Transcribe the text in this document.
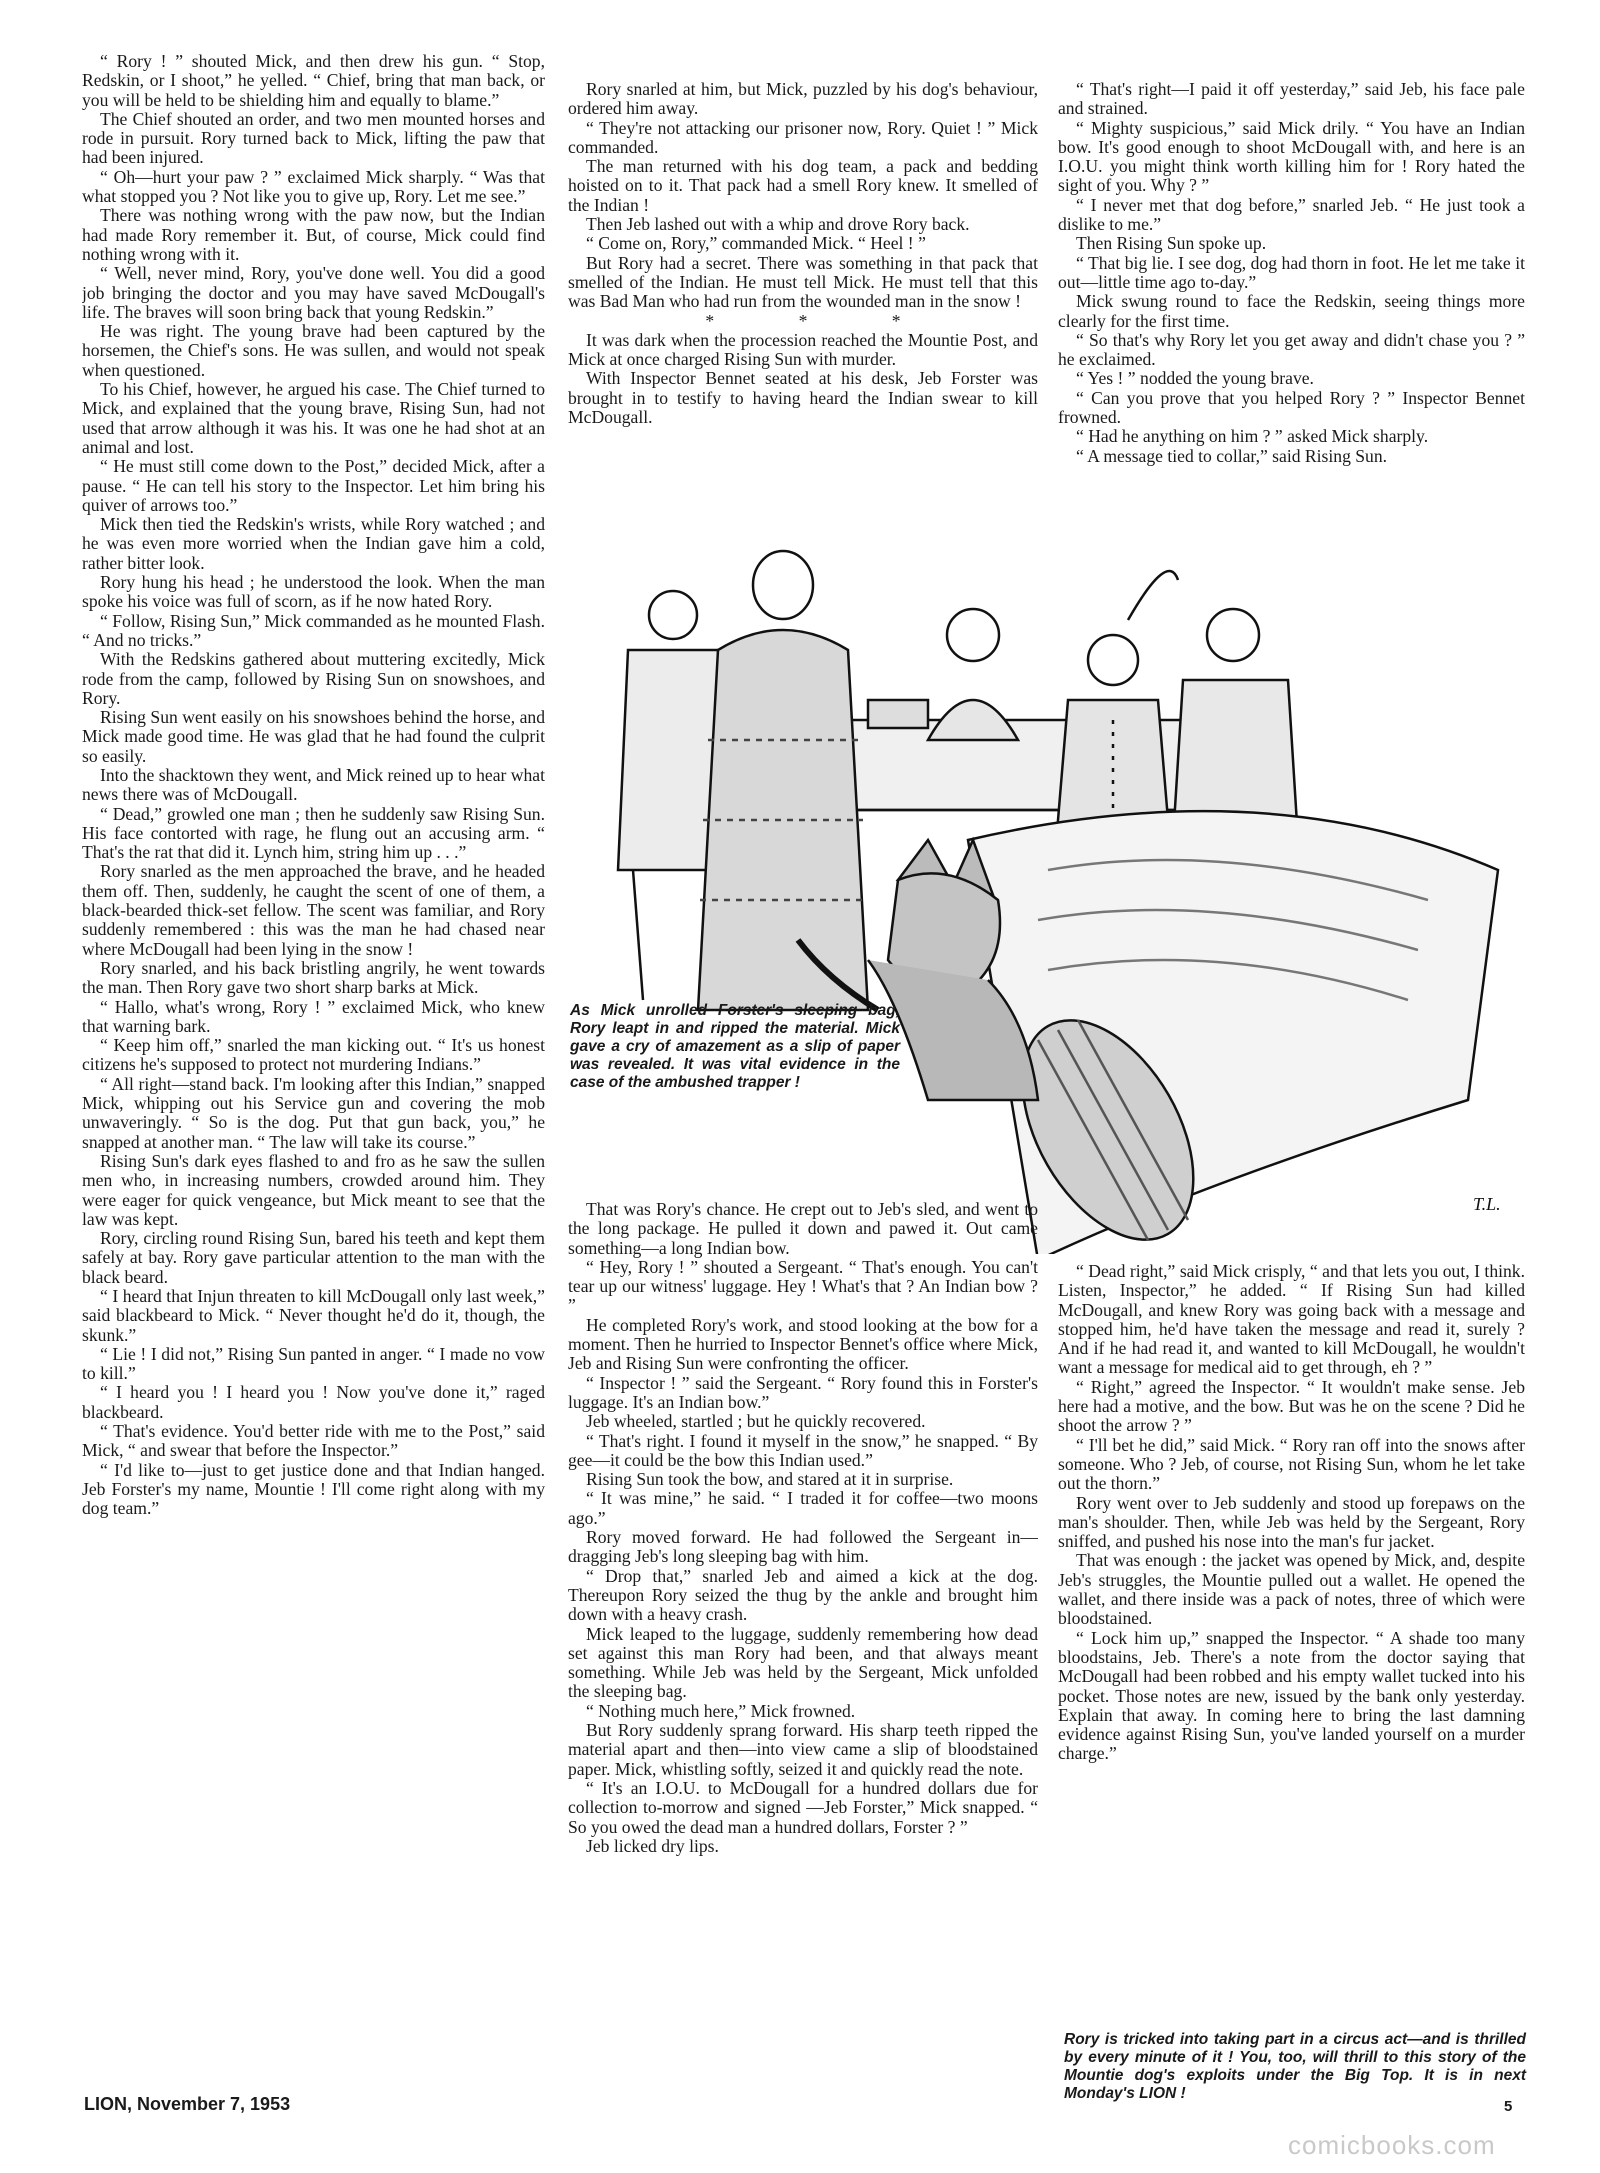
“ Rory ! ” shouted Mick, and then drew his gun. “ Stop, Redskin, or I shoot,” he yelled. “ Chief, bring that man back, or you will be held to be shielding him and equally to blame.”

The Chief shouted an order, and two men mounted horses and rode in pursuit. Rory turned back to Mick, lifting the paw that had been injured.

“ Oh—hurt your paw ? ” exclaimed Mick sharply. “ Was that what stopped you ? Not like you to give up, Rory. Let me see.”

There was nothing wrong with the paw now, but the Indian had made Rory remember it. But, of course, Mick could find nothing wrong with it.

“ Well, never mind, Rory, you've done well. You did a good job bringing the doctor and you may have saved McDougall's life. The braves will soon bring back that young Redskin.”

He was right. The young brave had been captured by the horsemen, the Chief's sons. He was sullen, and would not speak when questioned.

To his Chief, however, he argued his case. The Chief turned to Mick, and explained that the young brave, Rising Sun, had not used that arrow although it was his. It was one he had shot at an animal and lost.

“ He must still come down to the Post,” decided Mick, after a pause. “ He can tell his story to the Inspector. Let him bring his quiver of arrows too.”

Mick then tied the Redskin's wrists, while Rory watched ; and he was even more worried when the Indian gave him a cold, rather bitter look.

Rory hung his head ; he understood the look. When the man spoke his voice was full of scorn, as if he now hated Rory.

“ Follow, Rising Sun,” Mick commanded as he mounted Flash. “ And no tricks.”

With the Redskins gathered about muttering excitedly, Mick rode from the camp, followed by Rising Sun on snowshoes, and Rory.

Rising Sun went easily on his snowshoes behind the horse, and Mick made good time. He was glad that he had found the culprit so easily.

Into the shacktown they went, and Mick reined up to hear what news there was of McDougall.

“ Dead,” growled one man ; then he suddenly saw Rising Sun. His face contorted with rage, he flung out an accusing arm. “ That's the rat that did it. Lynch him, string him up . . .”

Rory snarled as the men approached the brave, and he headed them off. Then, suddenly, he caught the scent of one of them, a black-bearded thick-set fellow. The scent was familiar, and Rory suddenly remembered : this was the man he had chased near where McDougall had been lying in the snow !

Rory snarled, and his back bristling angrily, he went towards the man. Then Rory gave two short sharp barks at Mick.

“ Hallo, what's wrong, Rory ! ” exclaimed Mick, who knew that warning bark.

“ Keep him off,” snarled the man kicking out. “ It's us honest citizens he's supposed to protect not murdering Indians.”

“ All right—stand back. I'm looking after this Indian,” snapped Mick, whipping out his Service gun and covering the mob unwaveringly. “ So is the dog. Put that gun back, you,” he snapped at another man. “ The law will take its course.”

Rising Sun's dark eyes flashed to and fro as he saw the sullen men who, in increasing numbers, crowded around him. They were eager for quick vengeance, but Mick meant to see that the law was kept.

Rory, circling round Rising Sun, bared his teeth and kept them safely at bay. Rory gave particular attention to the man with the black beard.

“ I heard that Injun threaten to kill McDougall only last week,” said blackbeard to Mick. “ Never thought he'd do it, though, the skunk.”

“ Lie ! I did not,” Rising Sun panted in anger. “ I made no vow to kill.”

“ I heard you ! I heard you ! Now you've done it,” raged blackbeard.

“ That's evidence. You'd better ride with me to the Post,” said Mick, “ and swear that before the Inspector.”

“ I'd like to—just to get justice done and that Indian hanged. Jeb Forster's my name, Mountie ! I'll come right along with my dog team.”

Rory snarled at him, but Mick, puzzled by his dog's behaviour, ordered him away.

“ They're not attacking our prisoner now, Rory. Quiet ! ” Mick commanded.

The man returned with his dog team, a pack and bedding hoisted on to it. That pack had a smell Rory knew. It smelled of the Indian !

Then Jeb lashed out with a whip and drove Rory back.

“ Come on, Rory,” commanded Mick. “ Heel ! ”

But Rory had a secret. There was something in that pack that smelled of the Indian. He must tell Mick. He must tell that this was Bad Man who had run from the wounded man in the snow !

* * *

It was dark when the procession reached the Mountie Post, and Mick at once charged Rising Sun with murder.

With Inspector Bennet seated at his desk, Jeb Forster was brought in to testify to having heard the Indian swear to kill McDougall.

“ That's right—I paid it off yesterday,” said Jeb, his face pale and strained.

“ Mighty suspicious,” said Mick drily. “ You have an Indian bow. It's good enough to shoot McDougall with, and here is an I.O.U. you might think worth killing him for ! Rory hated the sight of you. Why ? ”

“ I never met that dog before,” snarled Jeb. “ He just took a dislike to me.”

Then Rising Sun spoke up.

“ That big lie. I see dog, dog had thorn in foot. He let me take it out—little time ago to-day.”

Mick swung round to face the Redskin, seeing things more clearly for the first time.

“ So that's why Rory let you get away and didn't chase you ? ” he exclaimed.

“ Yes ! ” nodded the young brave.

“ Can you prove that you helped Rory ? ” Inspector Bennet frowned.

“ Had he anything on him ? ” asked Mick sharply.

“ A message tied to collar,” said Rising Sun.

T.L.

As Mick unrolled Forster's sleeping bag, Rory leapt in and ripped the material. Mick gave a cry of amazement as a slip of paper was revealed. It was vital evidence in the case of the ambushed trapper !

That was Rory's chance. He crept out to Jeb's sled, and went to the long package. He pulled it down and pawed it. Out came something—a long Indian bow.

“ Hey, Rory ! ” shouted a Sergeant. “ That's enough. You can't tear up our witness' luggage. Hey ! What's that ? An Indian bow ? ”

He completed Rory's work, and stood looking at the bow for a moment. Then he hurried to Inspector Bennet's office where Mick, Jeb and Rising Sun were confronting the officer.

“ Inspector ! ” said the Sergeant. “ Rory found this in Forster's luggage. It's an Indian bow.”

Jeb wheeled, startled ; but he quickly recovered.

“ That's right. I found it myself in the snow,” he snapped. “ By gee—it could be the bow this Indian used.”

Rising Sun took the bow, and stared at it in surprise.

“ It was mine,” he said. “ I traded it for coffee—two moons ago.”

Rory moved forward. He had followed the Sergeant in—dragging Jeb's long sleeping bag with him.

“ Drop that,” snarled Jeb and aimed a kick at the dog. Thereupon Rory seized the thug by the ankle and brought him down with a heavy crash.

Mick leaped to the luggage, suddenly remembering how dead set against this man Rory had been, and that always meant something. While Jeb was held by the Sergeant, Mick unfolded the sleeping bag.

“ Nothing much here,” Mick frowned.

But Rory suddenly sprang forward. His sharp teeth ripped the material apart and then—into view came a slip of bloodstained paper. Mick, whistling softly, seized it and quickly read the note.

“ It's an I.O.U. to McDougall for a hundred dollars due for collection to-morrow and signed —Jeb Forster,” Mick snapped. “ So you owed the dead man a hundred dollars, Forster ? ”

Jeb licked dry lips.

“ Dead right,” said Mick crisply, “ and that lets you out, I think. Listen, Inspector,” he added. “ If Rising Sun had killed McDougall, and knew Rory was going back with a message and stopped him, he'd have taken the message and read it, surely ? And if he had read it, and wanted to kill McDougall, he wouldn't want a message for medical aid to get through, eh ? ”

“ Right,” agreed the Inspector. “ It wouldn't make sense. Jeb here had a motive, and the bow. But was he on the scene ? Did he shoot the arrow ? ”

“ I'll bet he did,” said Mick. “ Rory ran off into the snows after someone. Who ? Jeb, of course, not Rising Sun, whom he let take out the thorn.”

Rory went over to Jeb suddenly and stood up forepaws on the man's shoulder. Then, while Jeb was held by the Sergeant, Rory sniffed, and pushed his nose into the man's fur jacket.

That was enough : the jacket was opened by Mick, and, despite Jeb's struggles, the Mountie pulled out a wallet. He opened the wallet, and there inside was a pack of notes, three of which were bloodstained.

“ Lock him up,” snapped the Inspector. “ A shade too many bloodstains, Jeb. There's a note from the doctor saying that McDougall had been robbed and his empty wallet tucked into his pocket. Those notes are new, issued by the bank only yesterday. Explain that away. In coming here to bring the last damning evidence against Rising Sun, you've landed yourself on a murder charge.”

Rory is tricked into taking part in a circus act—and is thrilled by every minute of it ! You, too, will thrill to this story of the Mountie dog's exploits under the Big Top. It is in next Monday's LION !

LION, November 7, 1953	5
comicbooks.com
